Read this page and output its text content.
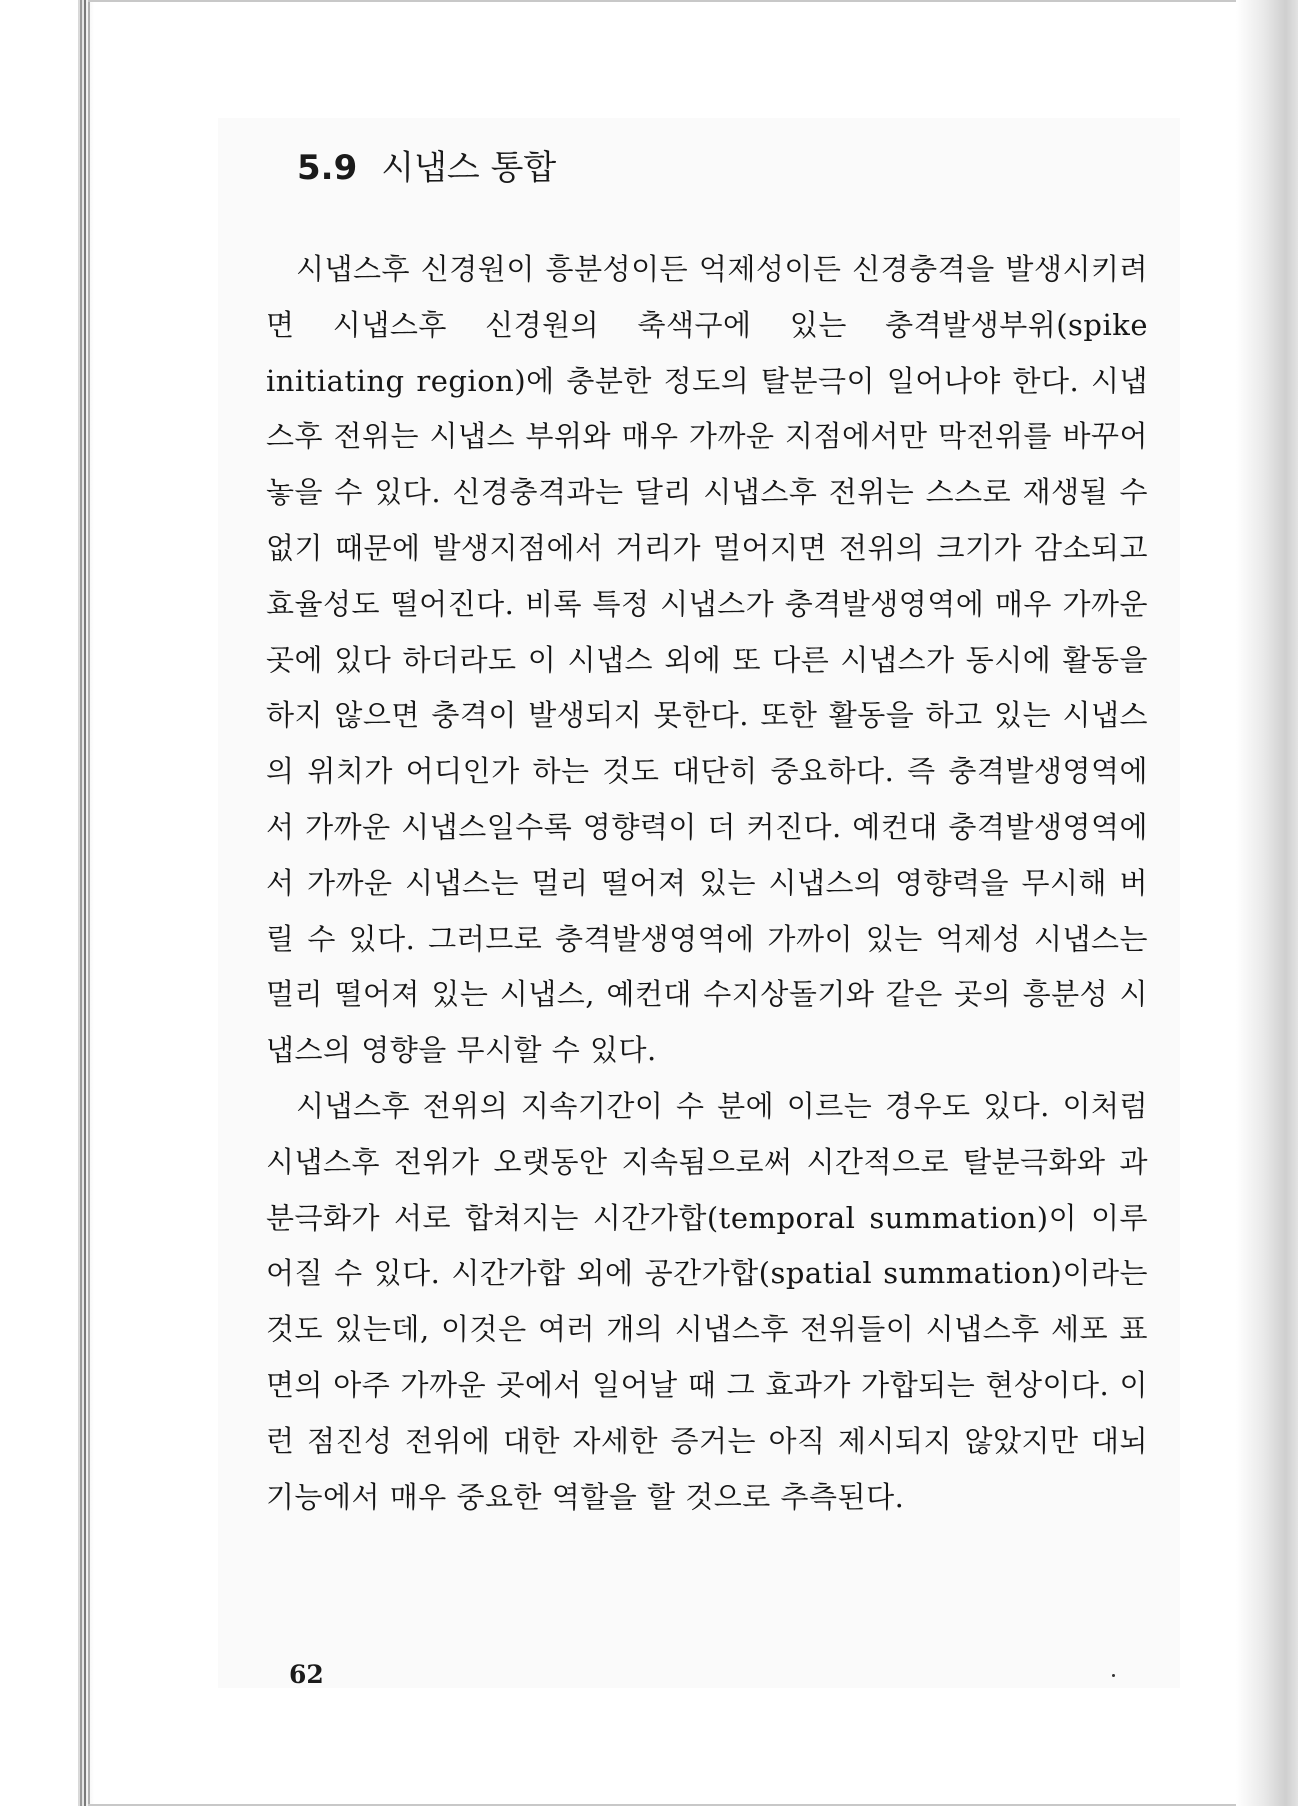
5.9 시냅스 통합

시냅스후 신경원이 흥분성이든 억제성이든 신경충격을 발생시키려면 시냅스후 신경원의 축색구에 있는 충격발생부위(spike initiating region)에 충분한 정도의 탈분극이 일어나야 한다. 시냅스후 전위는 시냅스 부위와 매우 가까운 지점에서만 막전위를 바꾸어 놓을 수 있다. 신경충격과는 달리 시냅스후 전위는 스스로 재생될 수 없기 때문에 발생지점에서 거리가 멀어지면 전위의 크기가 감소되고 효율성도 떨어진다. 비록 특정 시냅스가 충격발생영역에 매우 가까운 곳에 있다 하더라도 이 시냅스 외에 또 다른 시냅스가 동시에 활동을 하지 않으면 충격이 발생되지 못한다. 또한 활동을 하고 있는 시냅스의 위치가 어디인가 하는 것도 대단히 중요하다. 즉 충격발생영역에서 가까운 시냅스일수록 영향력이 더 커진다. 예컨대 충격발생영역에서 가까운 시냅스는 멀리 떨어져 있는 시냅스의 영향력을 무시해 버릴 수 있다. 그러므로 충격발생영역에 가까이 있는 억제성 시냅스는 멀리 떨어져 있는 시냅스, 예컨대 수지상돌기와 같은 곳의 흥분성 시냅스의 영향을 무시할 수 있다.

시냅스후 전위의 지속기간이 수 분에 이르는 경우도 있다. 이처럼 시냅스후 전위가 오랫동안 지속됨으로써 시간적으로 탈분극화와 과분극화가 서로 합쳐지는 시간가합(temporal summation)이 이루어질 수 있다. 시간가합 외에 공간가합(spatial summation)이라는 것도 있는데, 이것은 여러 개의 시냅스후 전위들이 시냅스후 세포 표면의 아주 가까운 곳에서 일어날 때 그 효과가 가합되는 현상이다. 이런 점진성 전위에 대한 자세한 증거는 아직 제시되지 않았지만 대뇌 기능에서 매우 중요한 역할을 할 것으로 추측된다.

62
